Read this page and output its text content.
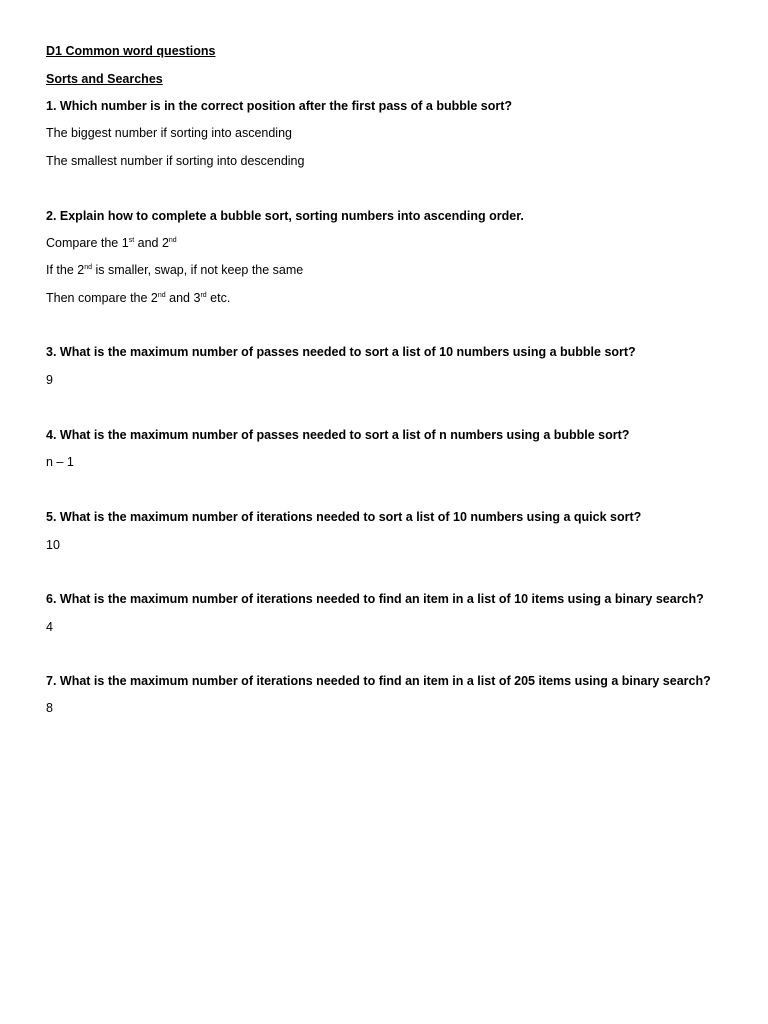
D1 Common word questions

Sorts and Searches

1. Which number is in the correct position after the first pass of a bubble sort?

The biggest number if sorting into ascending

The smallest number if sorting into descending

2. Explain how to complete a bubble sort, sorting numbers into ascending order.

Compare the 1st and 2nd

If the 2nd is smaller, swap, if not keep the same

Then compare the 2nd and 3rd etc.

3. What is the maximum number of passes needed to sort a list of 10 numbers using a bubble sort?

9

4. What is the maximum number of passes needed to sort a list of n numbers using a bubble sort?

n – 1

5. What is the maximum number of iterations needed to sort a list of 10 numbers using a quick sort?

10

6. What is the maximum number of iterations needed to find an item in a list of 10 items using a binary search?

4

7. What is the maximum number of iterations needed to find an item in a list of 205 items using a binary search?

8
